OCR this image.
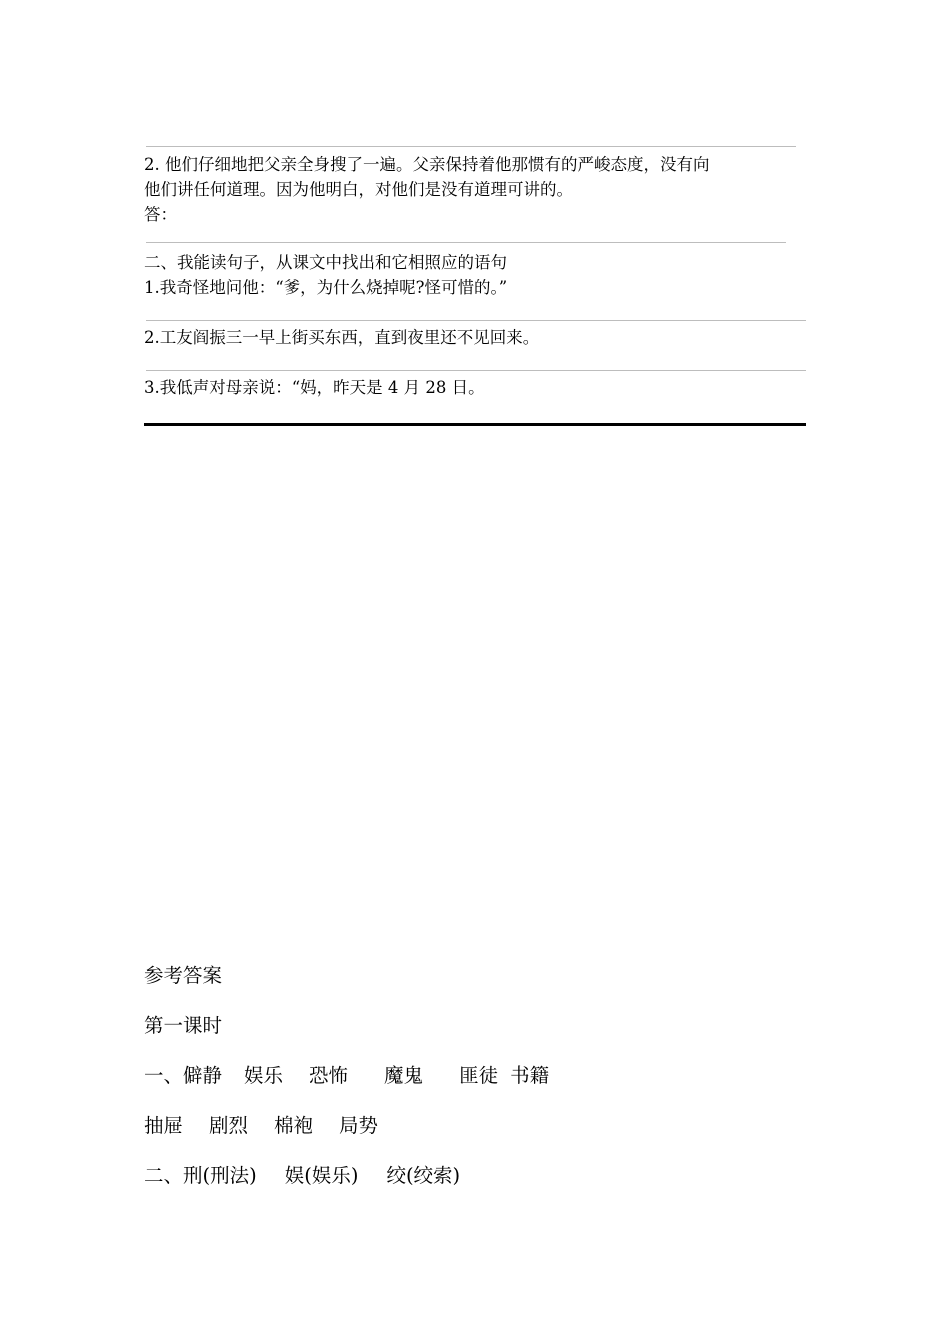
2. 他们仔细地把父亲全身搜了一遍。父亲保持着他那惯有的严峻态度，没有向
他们讲任何道理。因为他明白，对他们是没有道理可讲的。
答：
二、我能读句子，从课文中找出和它相照应的语句
1.我奇怪地问他：“爹，为什么烧掉呢?怪可惜的。”
2.工友阎振三一早上街买东西，直到夜里还不见回来。
3.我低声对母亲说：“妈，昨天是 4 月 28 日。
参考答案
第一课时
一、僻静 娱乐 恐怖 魔鬼 匪徒 书籍
抽屉 剧烈 棉袍 局势
二、刑(刑法) 娱(娱乐) 绞(绞索)
